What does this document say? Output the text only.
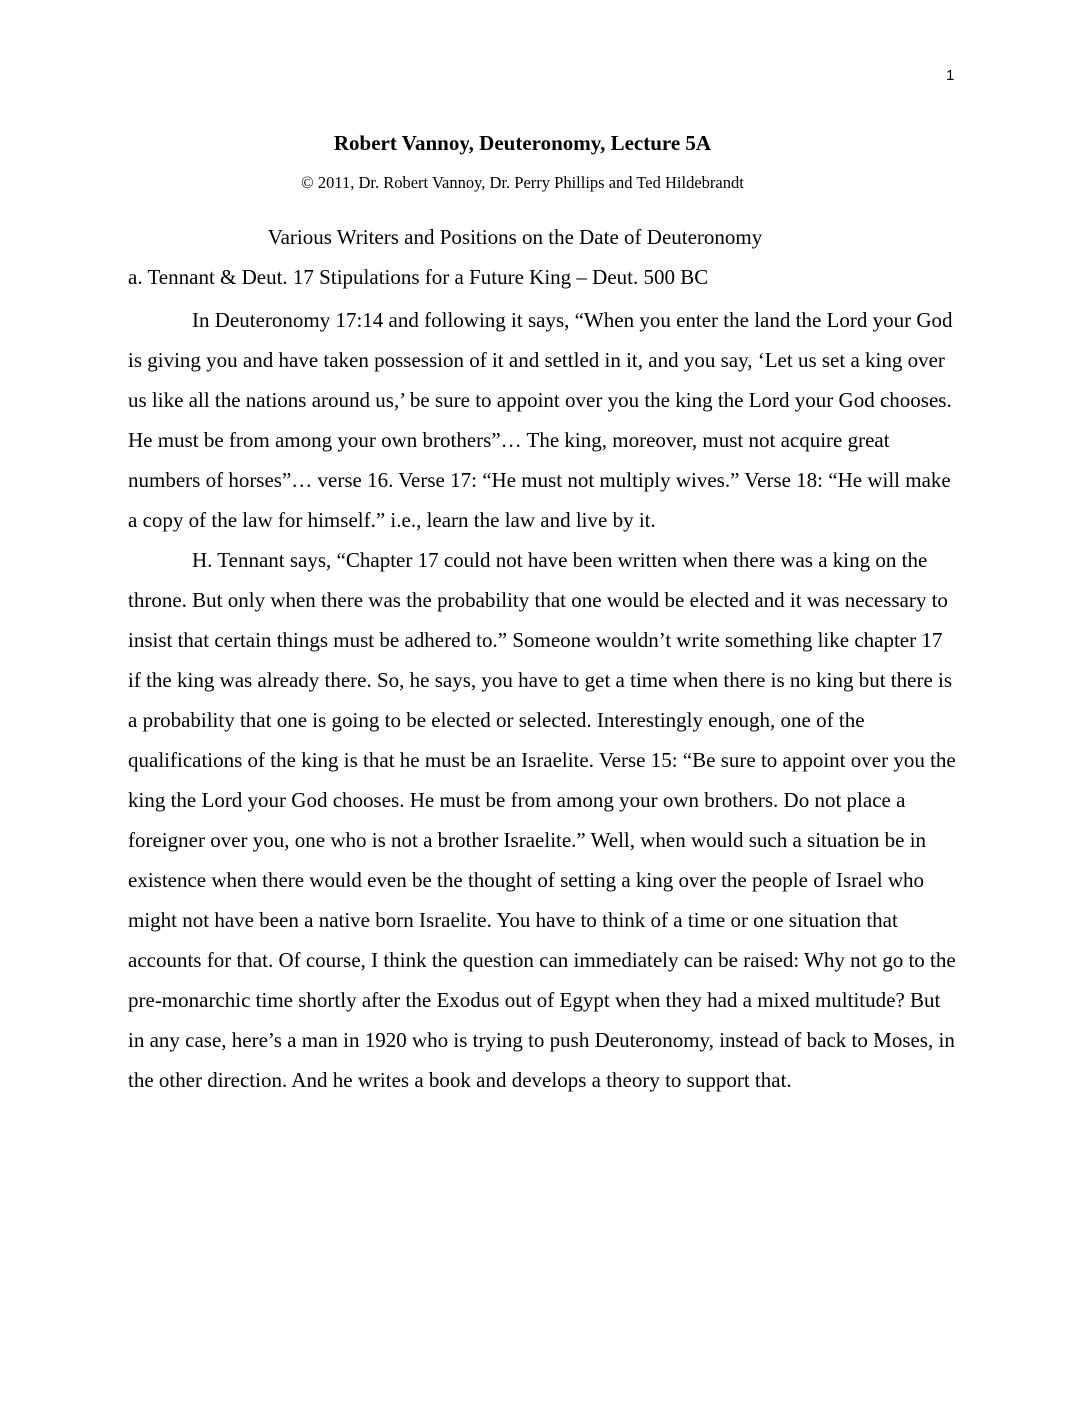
1
Robert Vannoy, Deuteronomy, Lecture 5A
© 2011, Dr. Robert Vannoy, Dr. Perry Phillips and Ted Hildebrandt
Various Writers and Positions on the Date of Deuteronomy
a. Tennant & Deut. 17 Stipulations for a Future King – Deut. 500 BC

In Deuteronomy 17:14 and following it says, “When you enter the land the Lord your God is giving you and have taken possession of it and settled in it, and you say, ‘Let us set a king over us like all the nations around us,’ be sure to appoint over you the king the Lord your God chooses. He must be from among your own brothers”… The king, moreover, must not acquire great numbers of horses”… verse 16. Verse 17: “He must not multiply wives.” Verse 18: “He will make a copy of the law for himself.” i.e., learn the law and live by it.

H. Tennant says, “Chapter 17 could not have been written when there was a king on the throne. But only when there was the probability that one would be elected and it was necessary to insist that certain things must be adhered to.” Someone wouldn’t write something like chapter 17 if the king was already there. So, he says, you have to get a time when there is no king but there is a probability that one is going to be elected or selected. Interestingly enough, one of the qualifications of the king is that he must be an Israelite. Verse 15: “Be sure to appoint over you the king the Lord your God chooses. He must be from among your own brothers. Do not place a foreigner over you, one who is not a brother Israelite.” Well, when would such a situation be in existence when there would even be the thought of setting a king over the people of Israel who might not have been a native born Israelite. You have to think of a time or one situation that accounts for that. Of course, I think the question can immediately can be raised: Why not go to the pre-monarchic time shortly after the Exodus out of Egypt when they had a mixed multitude? But in any case, here’s a man in 1920 who is trying to push Deuteronomy, instead of back to Moses, in the other direction. And he writes a book and develops a theory to support that.
